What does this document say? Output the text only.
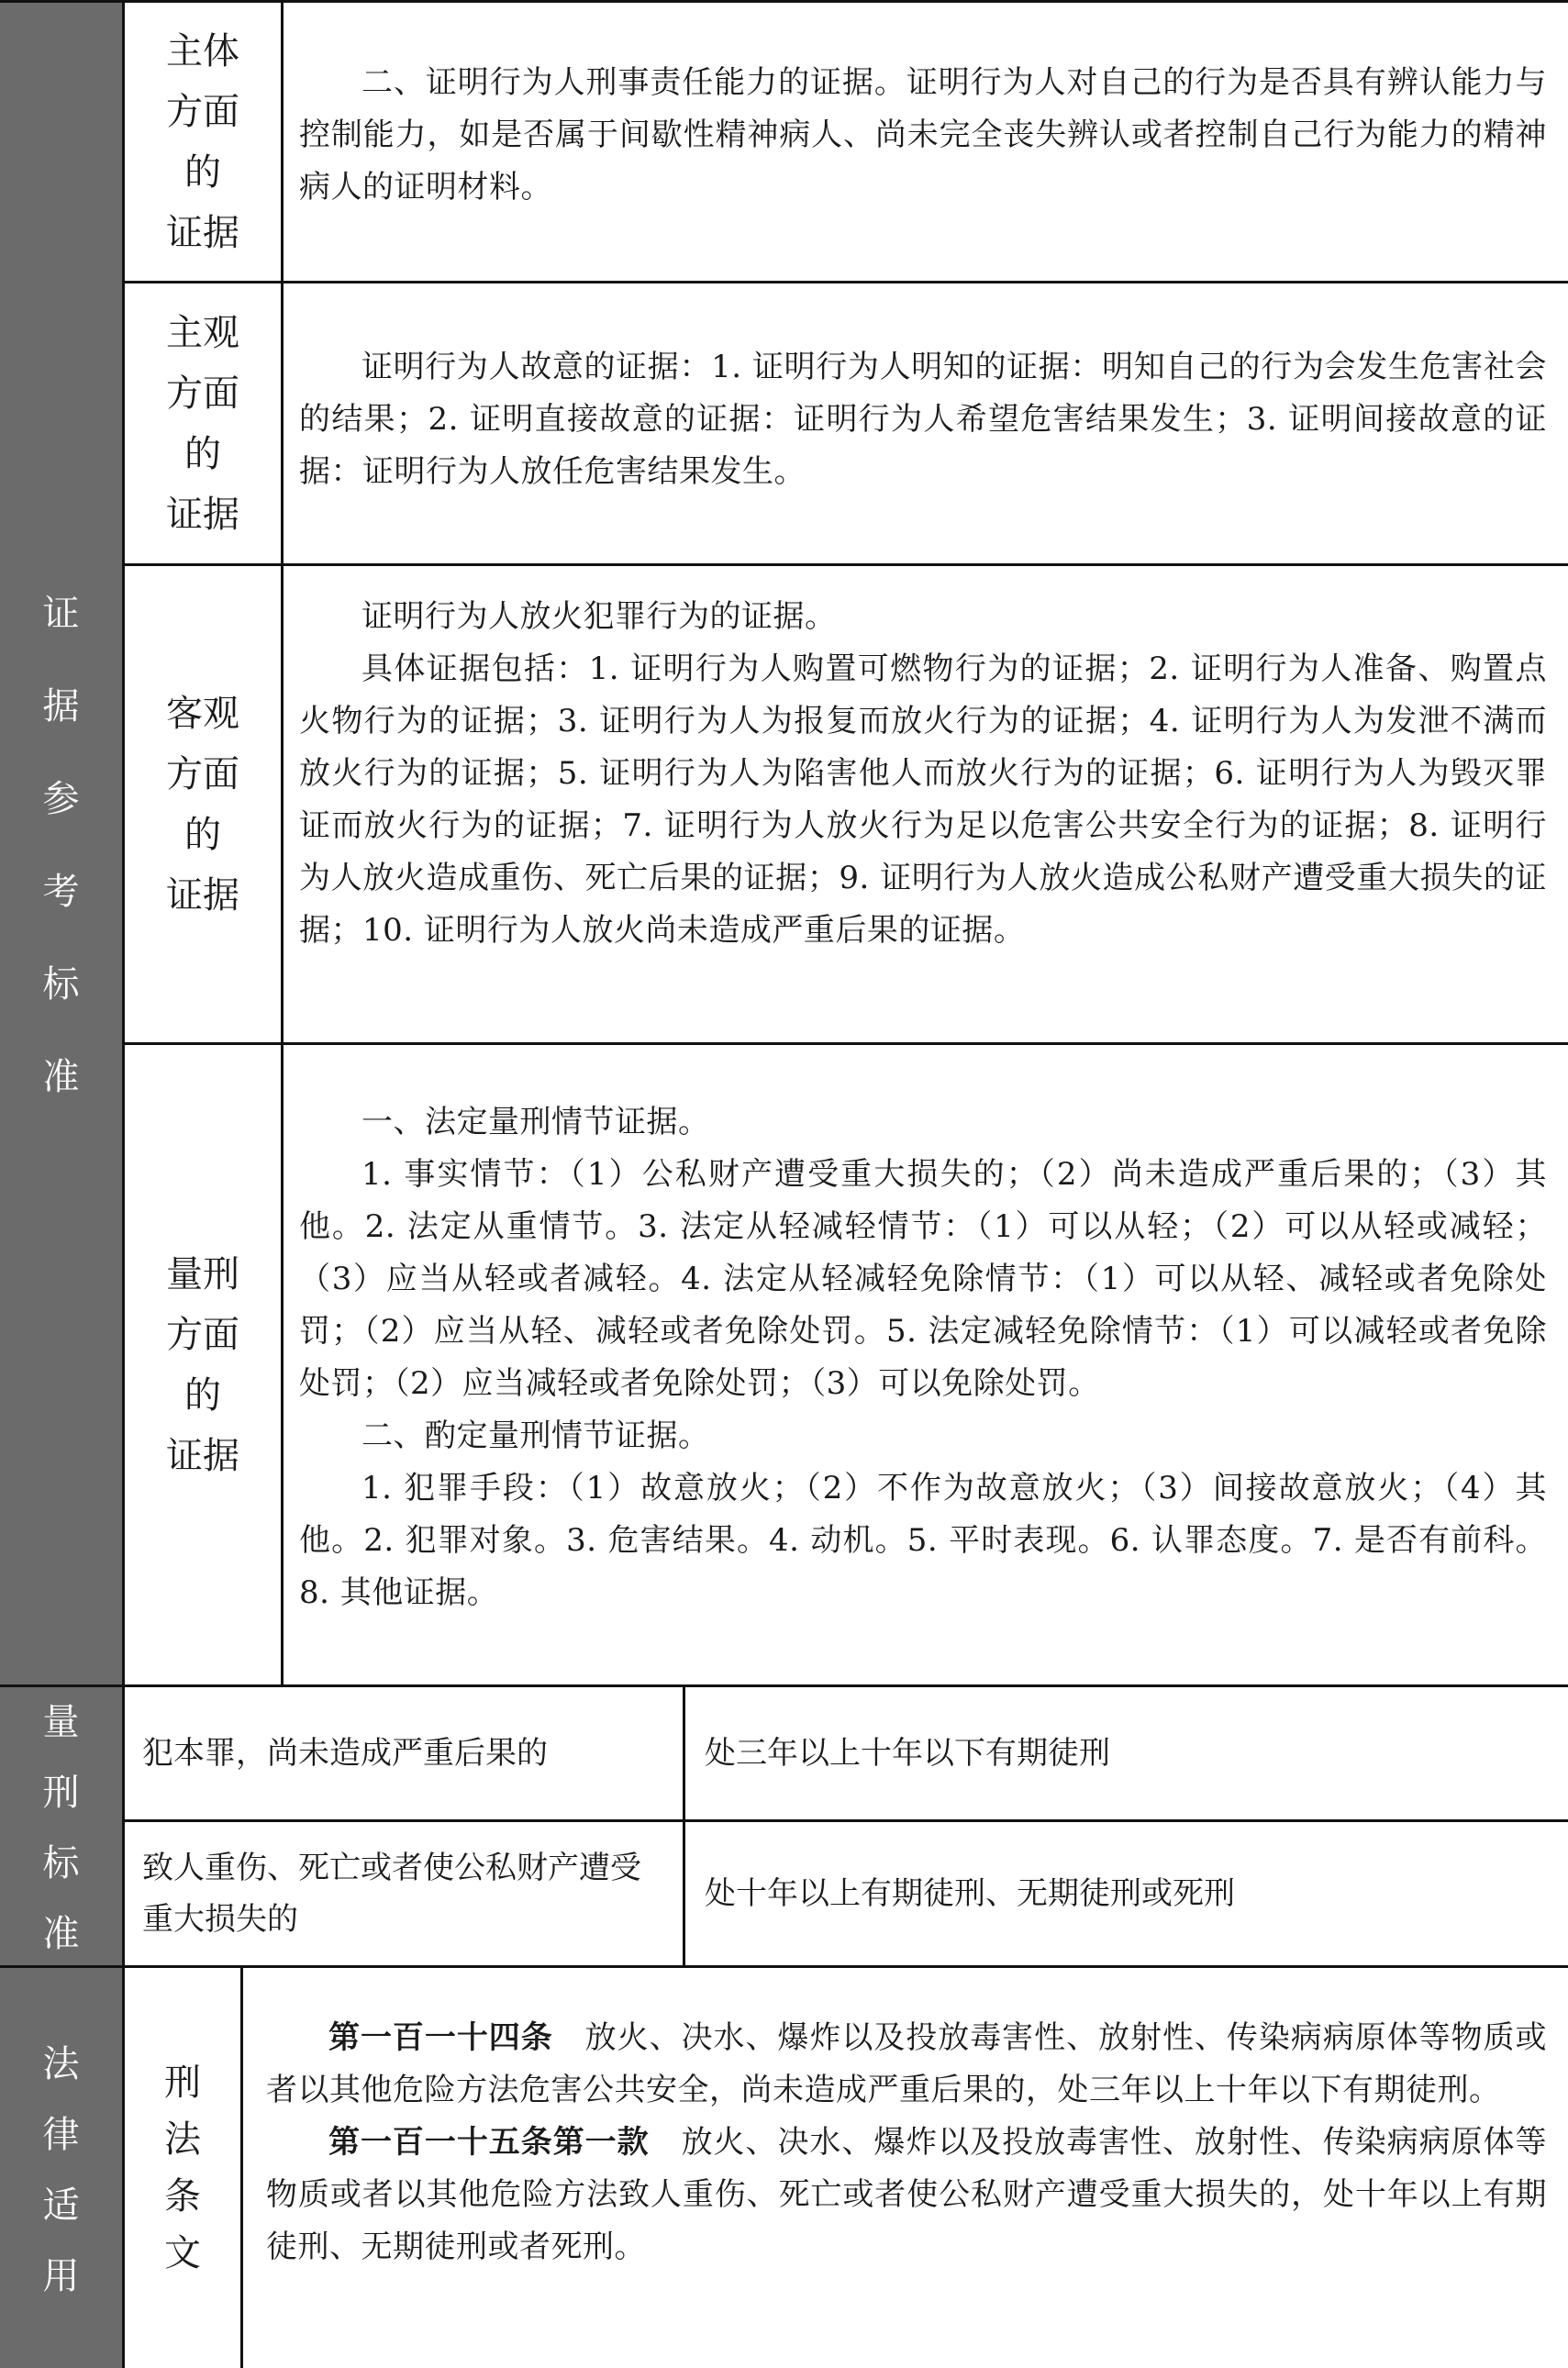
证
据
参
考
标
准
量
刑
标
准
法
律
适
用
主体
方面
的
证据

二、证明行为人刑事责任能力的证据。证明行为人对自己的行为是否具有辨认能力与控制能力，如是否属于间歇性精神病人、尚未完全丧失辨认或者控制自己行为能力的精神病人的证明材料。

主观
方面
的
证据

证明行为人故意的证据：1. 证明行为人明知的证据：明知自己的行为会发生危害社会的结果；2. 证明直接故意的证据：证明行为人希望危害结果发生；3. 证明间接故意的证据：证明行为人放任危害结果发生。

客观
方面
的
证据

证明行为人放火犯罪行为的证据。

具体证据包括：1. 证明行为人购置可燃物行为的证据；2. 证明行为人准备、购置点火物行为的证据；3. 证明行为人为报复而放火行为的证据；4. 证明行为人为发泄不满而放火行为的证据；5. 证明行为人为陷害他人而放火行为的证据；6. 证明行为人为毁灭罪证而放火行为的证据；7. 证明行为人放火行为足以危害公共安全行为的证据；8. 证明行为人放火造成重伤、死亡后果的证据；9. 证明行为人放火造成公私财产遭受重大损失的证据；10. 证明行为人放火尚未造成严重后果的证据。

量刑
方面
的
证据

一、法定量刑情节证据。

1. 事实情节：（1）公私财产遭受重大损失的；（2）尚未造成严重后果的；（3）其他。2. 法定从重情节。3. 法定从轻减轻情节：（1）可以从轻；（2）可以从轻或减轻；（3）应当从轻或者减轻。4. 法定从轻减轻免除情节：（1）可以从轻、减轻或者免除处罚；（2）应当从轻、减轻或者免除处罚。5. 法定减轻免除情节：（1）可以减轻或者免除处罚；（2）应当减轻或者免除处罚；（3）可以免除处罚。

二、酌定量刑情节证据。

1. 犯罪手段：（1）故意放火；（2）不作为故意放火；（3）间接故意放火；（4）其他。2. 犯罪对象。3. 危害结果。4. 动机。5. 平时表现。6. 认罪态度。7. 是否有前科。8. 其他证据。

犯本罪，尚未造成严重后果的	处三年以上十年以下有期徒刑
致人重伤、死亡或者使公私财产遭受重大损失的
处十年以上有期徒刑、无期徒刑或死刑
刑
法
条
文

第一百一十四条  放火、决水、爆炸以及投放毒害性、放射性、传染病病原体等物质或者以其他危险方法危害公共安全，尚未造成严重后果的，处三年以上十年以下有期徒刑。

第一百一十五条第一款  放火、决水、爆炸以及投放毒害性、放射性、传染病病原体等物质或者以其他危险方法致人重伤、死亡或者使公私财产遭受重大损失的，处十年以上有期徒刑、无期徒刑或者死刑。
